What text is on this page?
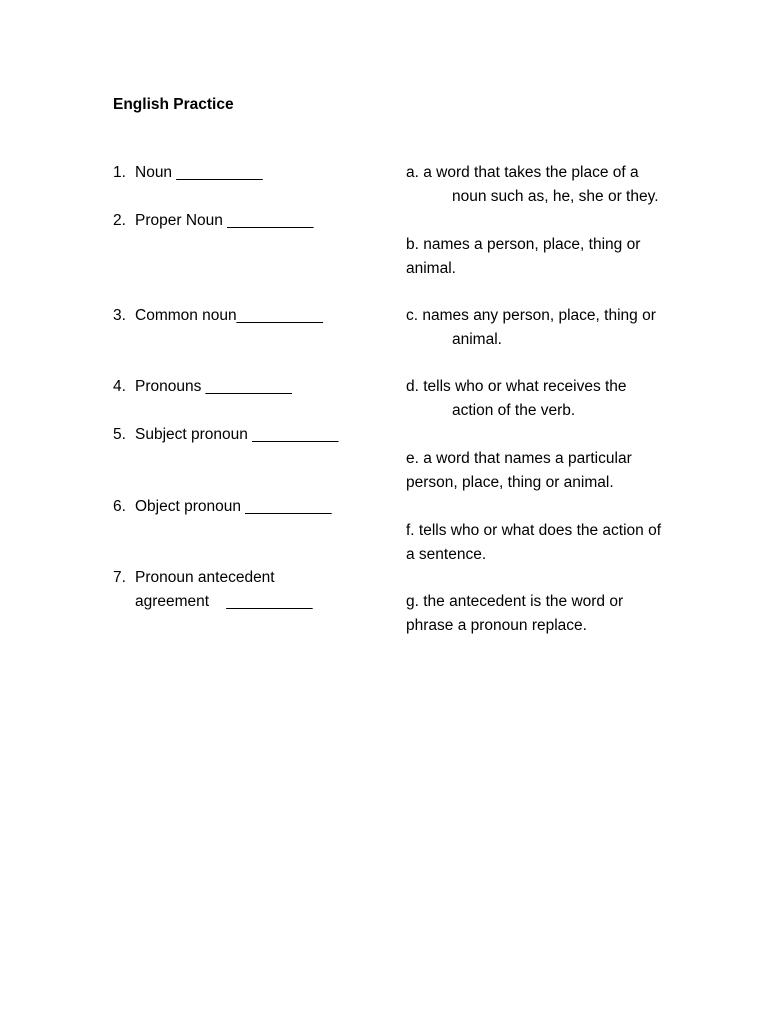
English Practice
1. Noun __________
2. Proper Noun __________
3. Common noun__________
4. Pronouns __________
5. Subject pronoun __________
6. Object pronoun __________
7. Pronoun antecedent
agreement    __________
a. a word that takes the place of a
noun such as, he, she or they.
b. names a person, place, thing or
animal.
c. names any person, place, thing or
animal.
d. tells who or what receives the
action of the verb.
e. a word that names a particular
person, place, thing or animal.
f. tells who or what does the action of
a sentence.
g. the antecedent is the word or
phrase a pronoun replace.
